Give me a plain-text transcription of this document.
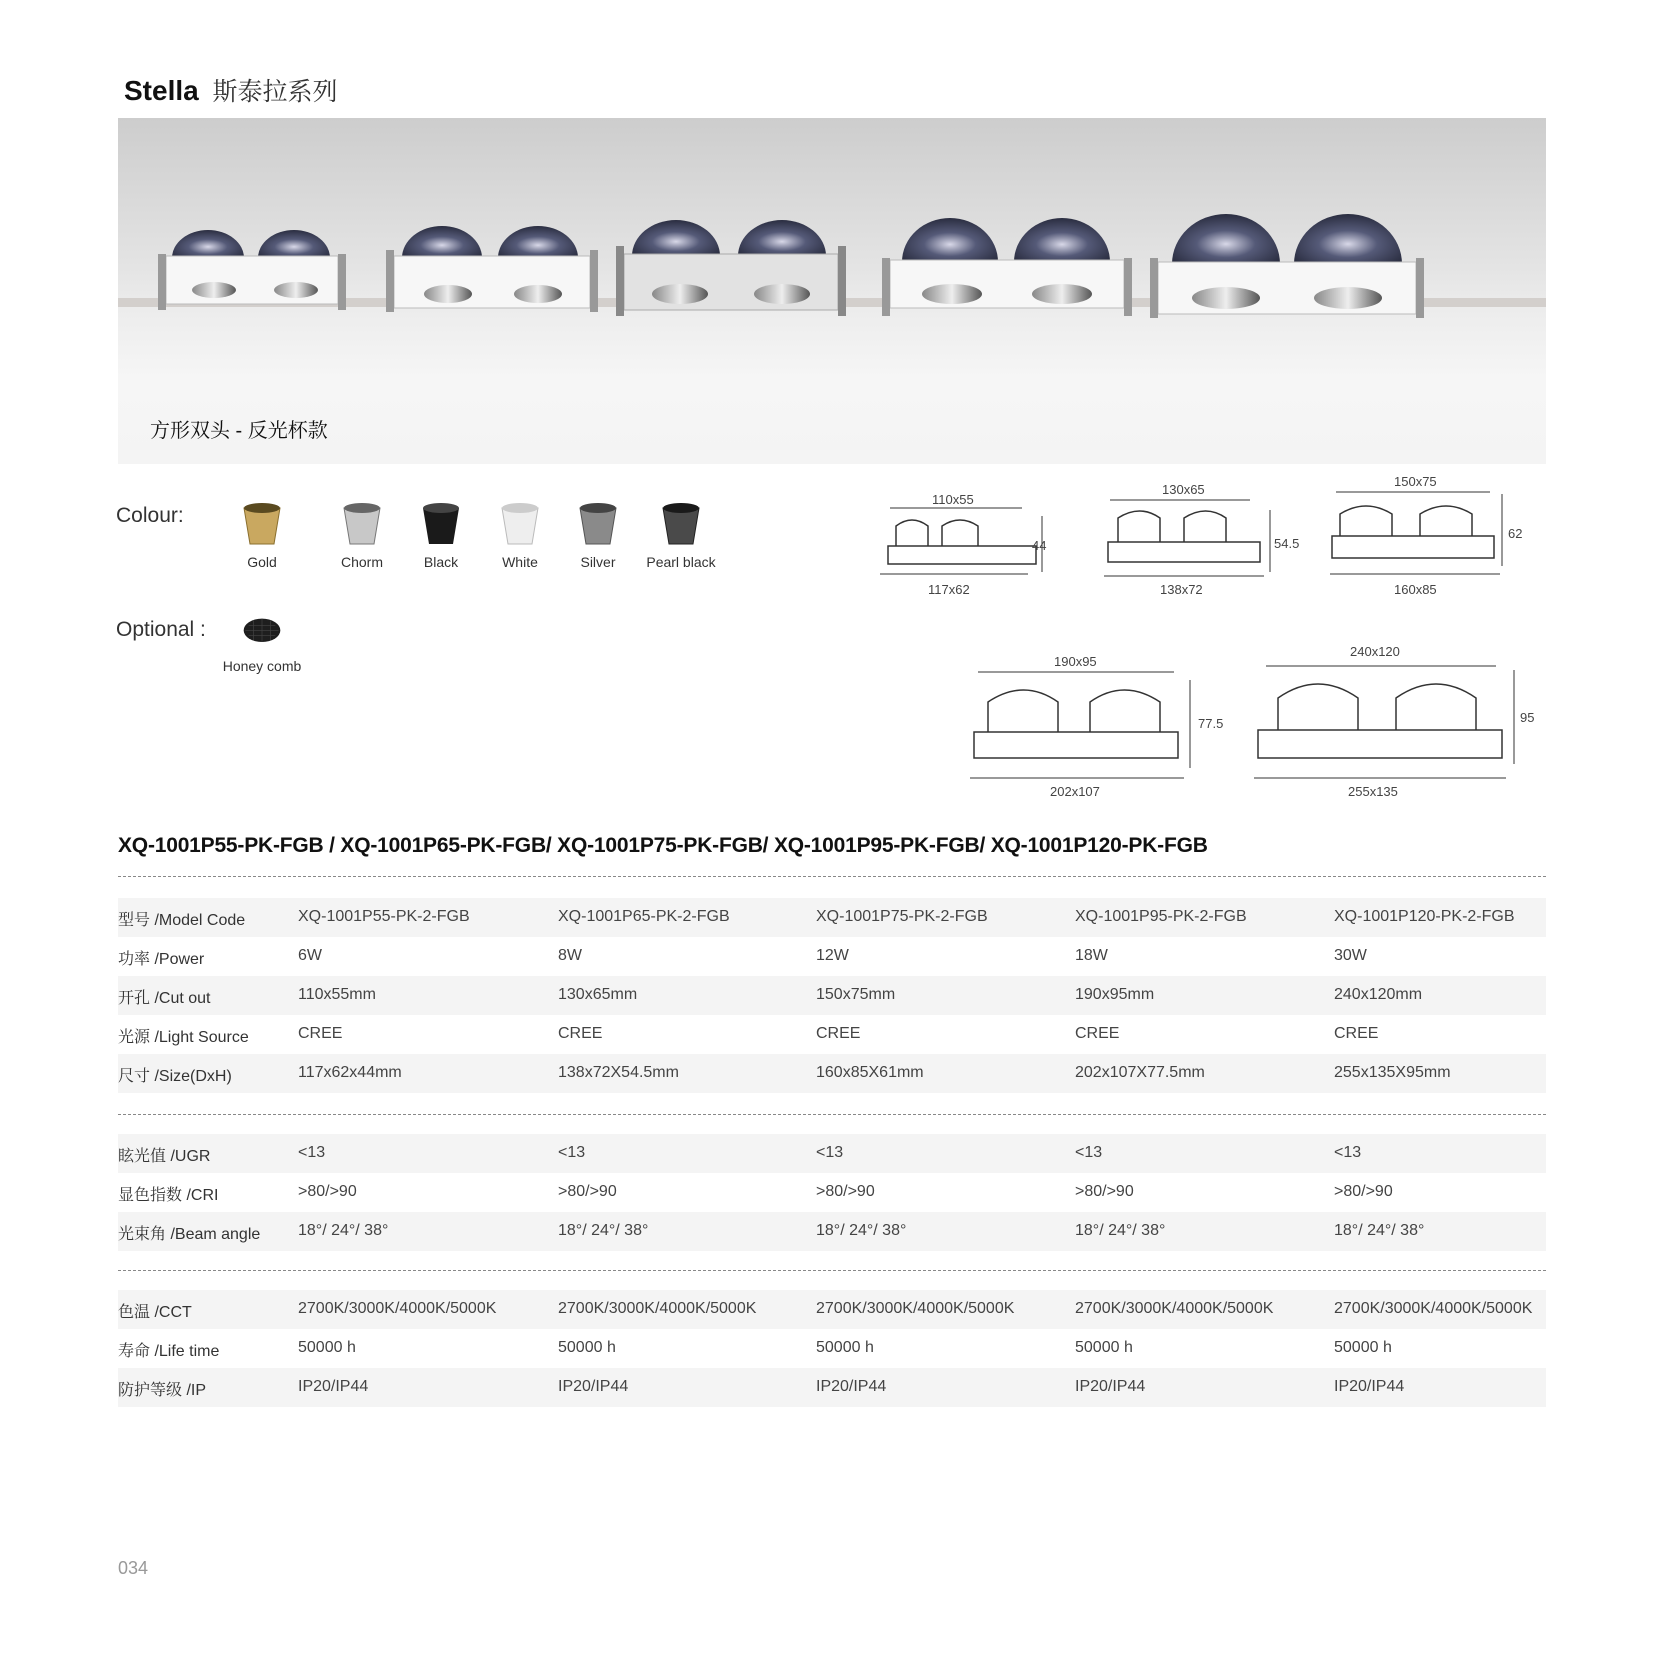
Stella 斯泰拉系列
方形双头 - 反光杯款
Colour:
Gold	Chorm	Black	White	Silver	Pearl black
Optional :
Honey comb
110x55
117x62
44
130x65
138x72
54.5
150x75
160x85
62
190x95
202x107
77.5
240x120
255x135
95
XQ-1001P55-PK-FGB / XQ-1001P65-PK-FGB/ XQ-1001P75-PK-FGB/ XQ-1001P95-PK-FGB/ XQ-1001P120-PK-FGB
型号 /Model Code	XQ-1001P55-PK-2-FGB	XQ-1001P65-PK-2-FGB	XQ-1001P75-PK-2-FGB	XQ-1001P95-PK-2-FGB	XQ-1001P120-PK-2-FGB
功率 /Power	6W	8W	12W	18W	30W
开孔 /Cut out	110x55mm	130x65mm	150x75mm	190x95mm	240x120mm
光源 /Light Source	CREE	CREE	CREE	CREE	CREE
尺寸 /Size(DxH)	117x62x44mm	138x72X54.5mm	160x85X61mm	202x107X77.5mm	255x135X95mm
眩光值 /UGR	<13	<13	<13	<13	<13
显色指数 /CRI	>80/>90	>80/>90	>80/>90	>80/>90	>80/>90
光束角 /Beam angle 18°/ 24°/ 38°	18°/ 24°/ 38°	18°/ 24°/ 38°	18°/ 24°/ 38°	18°/ 24°/ 38°
色温 /CCT	2700K/3000K/4000K/5000K	2700K/3000K/4000K/5000K	2700K/3000K/4000K/5000K	2700K/3000K/4000K/5000K	2700K/3000K/4000K/5000K
寿命 /Life time	50000 h	50000 h	50000 h	50000 h	50000 h
防护等级 /IP	IP20/IP44	IP20/IP44	IP20/IP44	IP20/IP44	IP20/IP44
034
